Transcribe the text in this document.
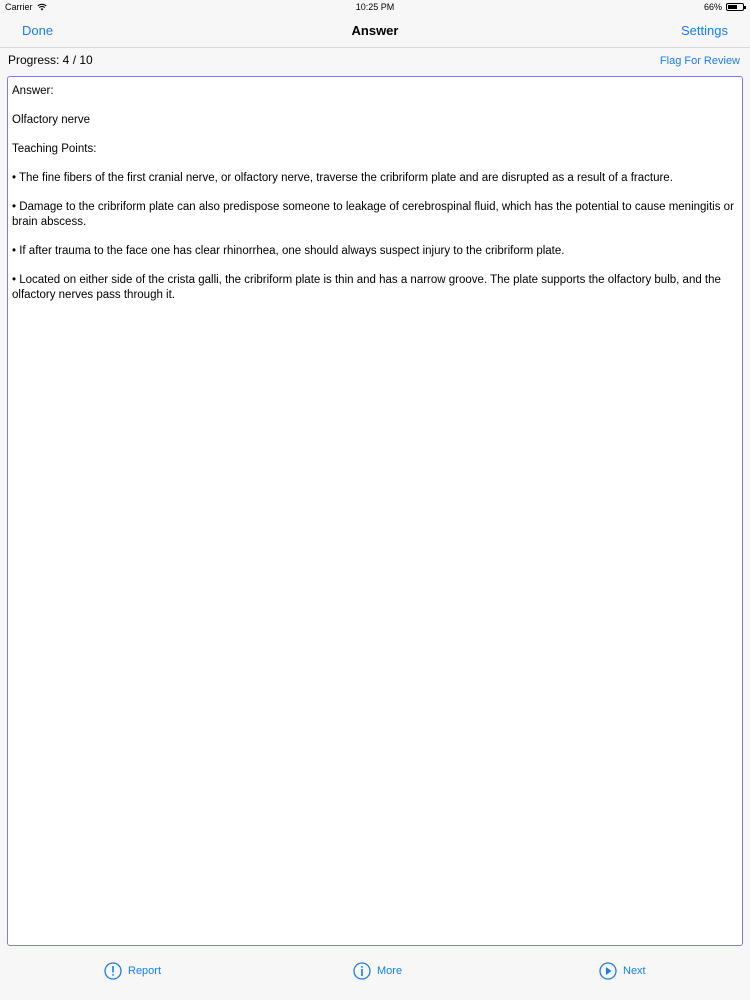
Carrier	10:25 PM	66%
Done	Answer	Settings
Progress: 4 / 10	Flag For Review

Answer:

Olfactory nerve

Teaching Points:

• The fine fibers of the first cranial nerve, or olfactory nerve, traverse the cribriform plate and are disrupted as a result of a fracture.

• Damage to the cribriform plate can also predispose someone to leakage of cerebrospinal fluid, which has the potential to cause meningitis or brain abscess.

• If after trauma to the face one has clear rhinorrhea, one should always suspect injury to the cribriform plate.

• Located on either side of the crista galli, the cribriform plate is thin and has a narrow groove. The plate supports the olfactory bulb, and the olfactory nerves pass through it.

Report	More	Next
